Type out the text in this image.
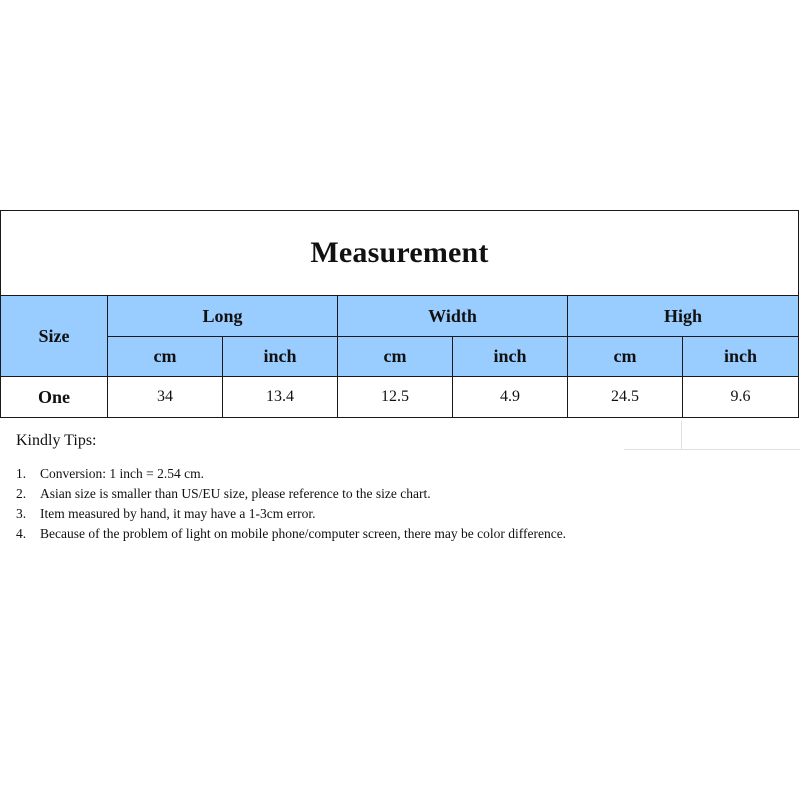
Measurement						
Size	Long		Width		High	
	cm	inch	cm	inch	cm	inch
One	34	13.4	12.5	4.9	24.5	9.6

Kindly Tips:

1.	Conversion: 1 inch = 2.54 cm.
2.	Asian size is smaller than US/EU size, please reference to the size chart.
3.	Item measured by hand, it may have a 1-3cm error.
4.	Because of the problem of light on mobile phone/computer screen, there may be color difference.
